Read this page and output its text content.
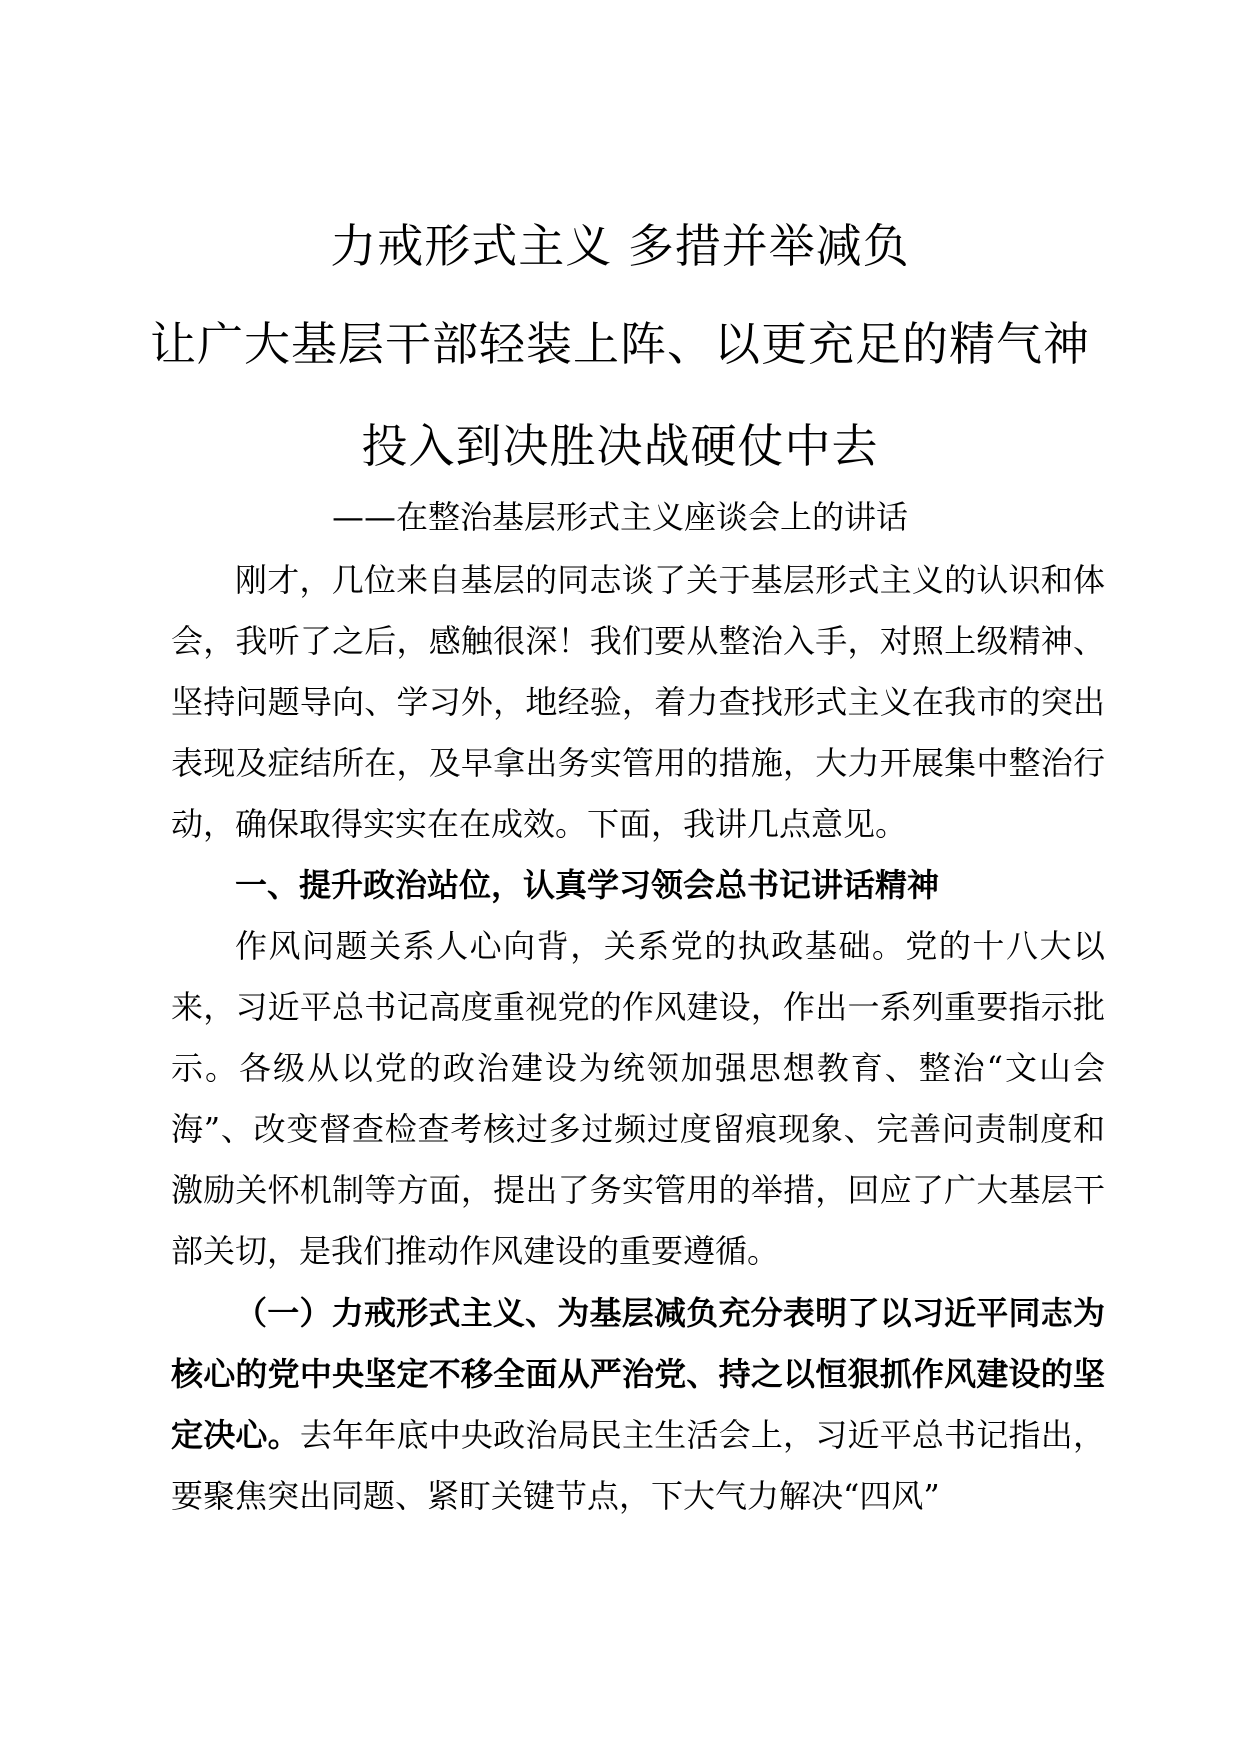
力戒形式主义 多措并举减负
让广大基层干部轻装上阵、以更充足的精气神
投入到决胜决战硬仗中去
——在整治基层形式主义座谈会上的讲话

刚才，几位来自基层的同志谈了关于基层形式主义的认识和体会，我听了之后，感触很深！我们要从整治入手，对照上级精神、坚持问题导向、学习外，地经验，着力查找形式主义在我市的突出表现及症结所在，及早拿出务实管用的措施，大力开展集中整治行动，确保取得实实在在成效。下面，我讲几点意见。

一、提升政治站位，认真学习领会总书记讲话精神

作风问题关系人心向背，关系党的执政基础。党的十八大以来，习近平总书记高度重视党的作风建设，作出一系列重要指示批示。各级从以党的政治建设为统领加强思想教育、整治“文山会海”、改变督查检查考核过多过频过度留痕现象、完善问责制度和激励关怀机制等方面，提出了务实管用的举措，回应了广大基层干部关切，是我们推动作风建设的重要遵循。

（一）力戒形式主义、为基层减负充分表明了以习近平同志为核心的党中央坚定不移全面从严治党、持之以恒狠抓作风建设的坚定决心。去年年底中央政治局民主生活会上，习近平总书记指出，要聚焦突出同题、紧盯关键节点，下大气力解决“四风”
